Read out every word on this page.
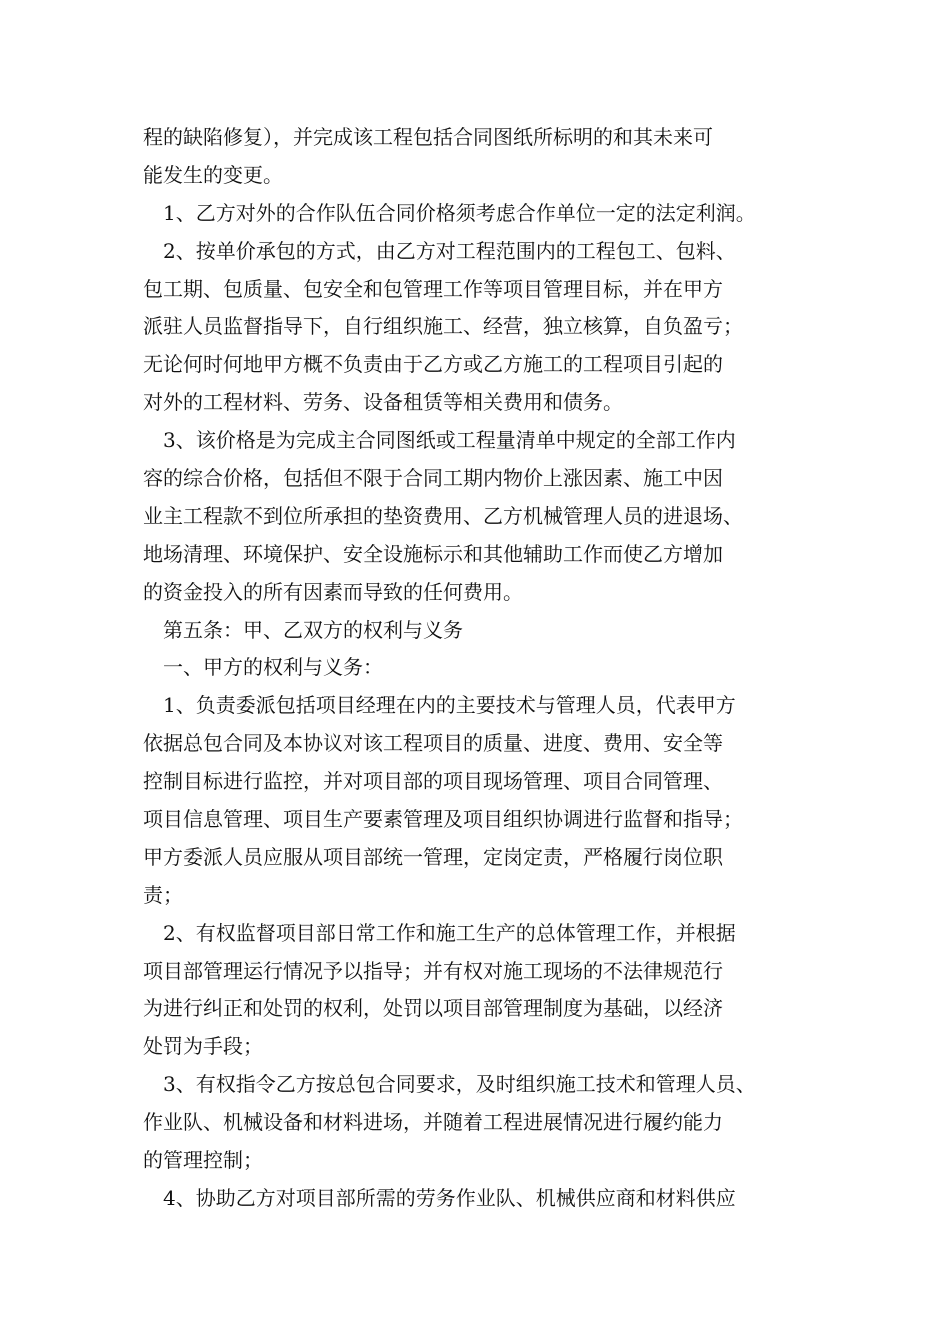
程的缺陷修复），并完成该工程包括合同图纸所标明的和其未来可
能发生的变更。
1、乙方对外的合作队伍合同价格须考虑合作单位一定的法定利润。
2、按单价承包的方式，由乙方对工程范围内的工程包工、包料、
包工期、包质量、包安全和包管理工作等项目管理目标，并在甲方
派驻人员监督指导下，自行组织施工、经营，独立核算，自负盈亏；
无论何时何地甲方概不负责由于乙方或乙方施工的工程项目引起的
对外的工程材料、劳务、设备租赁等相关费用和债务。
3、该价格是为完成主合同图纸或工程量清单中规定的全部工作内
容的综合价格，包括但不限于合同工期内物价上涨因素、施工中因
业主工程款不到位所承担的垫资费用、乙方机械管理人员的进退场、
地场清理、环境保护、安全设施标示和其他辅助工作而使乙方增加
的资金投入的所有因素而导致的任何费用。
第五条：甲、乙双方的权利与义务
一、甲方的权利与义务：
1、负责委派包括项目经理在内的主要技术与管理人员，代表甲方
依据总包合同及本协议对该工程项目的质量、进度、费用、安全等
控制目标进行监控，并对项目部的项目现场管理、项目合同管理、
项目信息管理、项目生产要素管理及项目组织协调进行监督和指导；
甲方委派人员应服从项目部统一管理，定岗定责，严格履行岗位职
责；
2、有权监督项目部日常工作和施工生产的总体管理工作，并根据
项目部管理运行情况予以指导；并有权对施工现场的不法律规范行
为进行纠正和处罚的权利，处罚以项目部管理制度为基础，以经济
处罚为手段；
3、有权指令乙方按总包合同要求，及时组织施工技术和管理人员、
作业队、机械设备和材料进场，并随着工程进展情况进行履约能力
的管理控制；
4、协助乙方对项目部所需的劳务作业队、机械供应商和材料供应
